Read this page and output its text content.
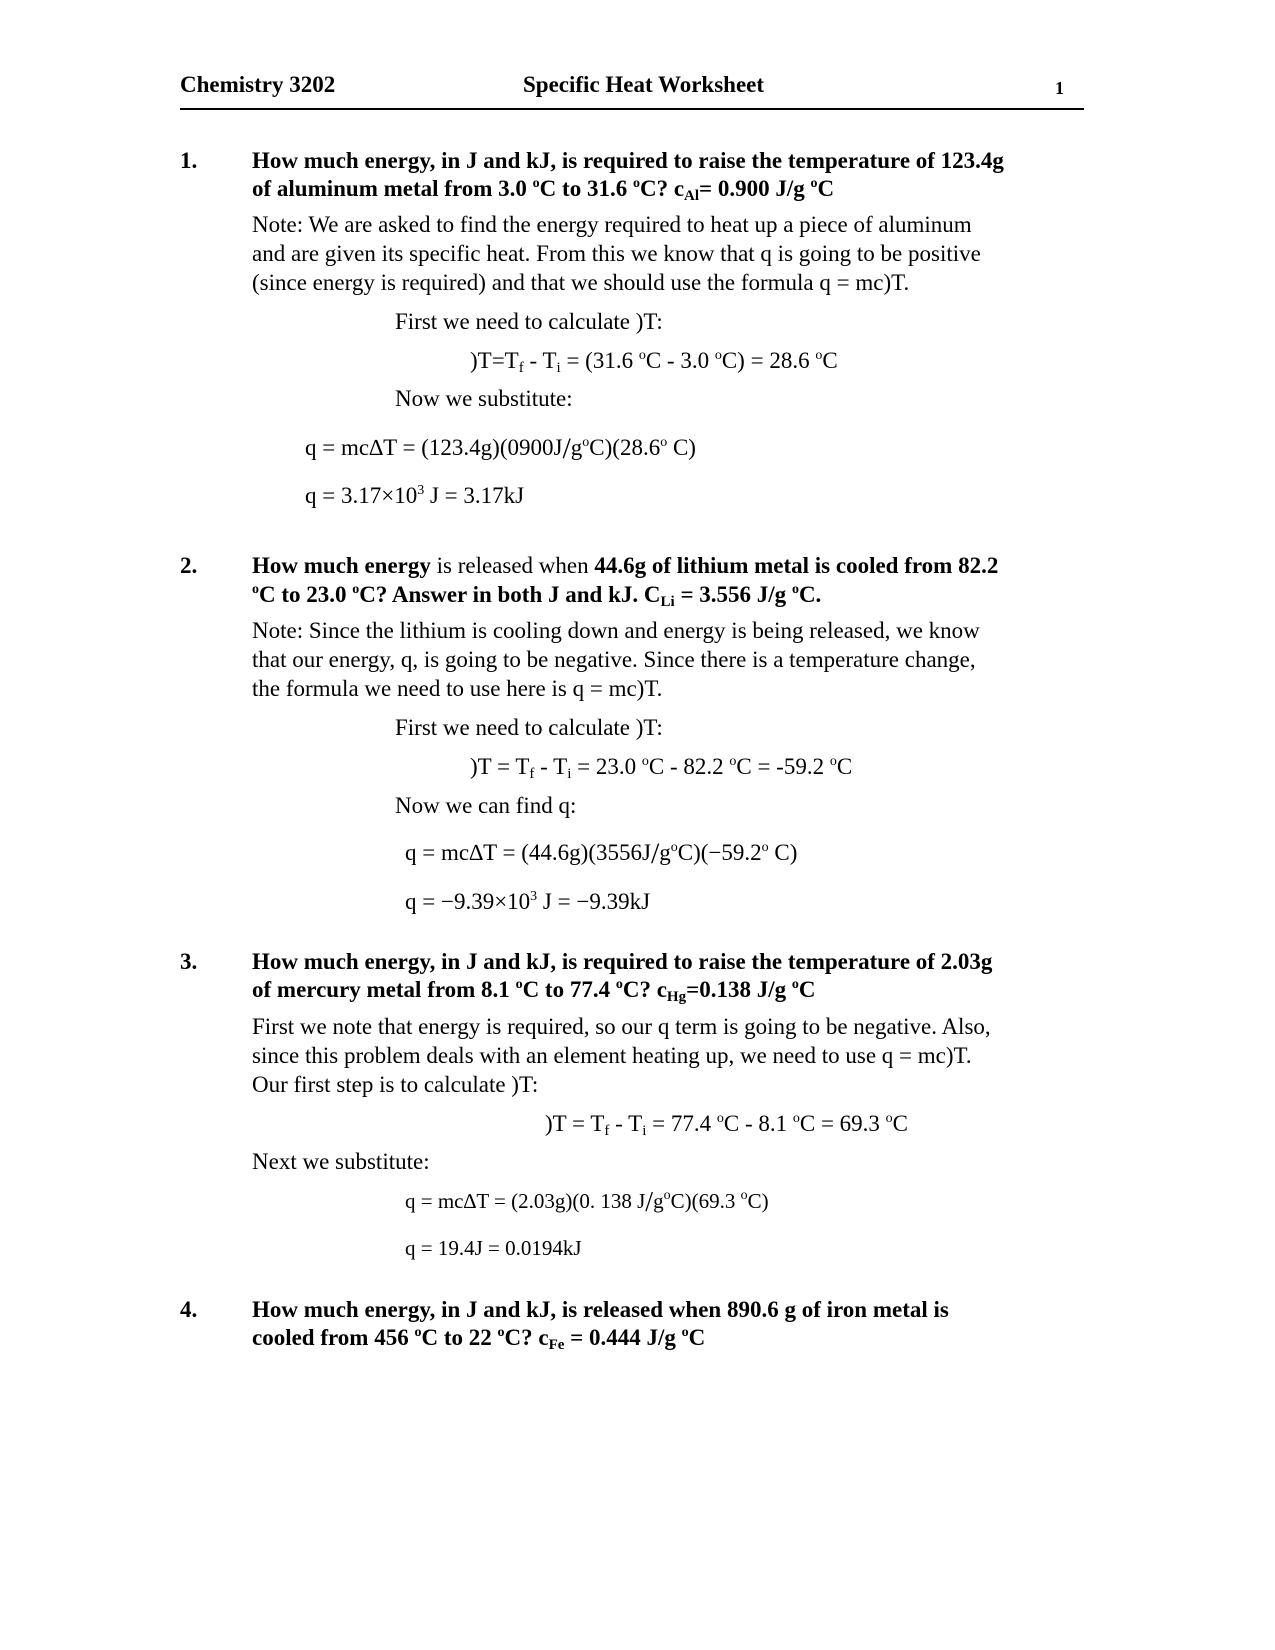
Chemistry 3202	Specific Heat Worksheet	1
1. How much energy, in J and kJ, is required to raise the temperature of 123.4g
of aluminum metal from 3.0 $^o$C to 31.6 $^o$C? $c_{Al}= 0.900$ J/g $^o$C
Note: We are asked to find the energy required to heat up a piece of aluminum
and are given its specific heat. From this we know that q is going to be positive
(since energy is required) and that we should use the formula q = mc)T.
First we need to calculate )T:
)$T=T_f - T_i = (31.6$ $^o$C - 3.0 $^o$C) = 28.6 $^o$C
Now we substitute:
$q = mc\Delta T = (123.4g)(0900J/g^oC)(28.6^o$ C)
$q = 3.17\times 10^3$ J = 3.17kJ
2. How much energy is released when 44.6g of lithium metal is cooled from 82.2
$^o$C to 23.0 $^o$C? Answer in both J and kJ. $C_{Li} = 3.556$ J/g $^o$C.
Note: Since the lithium is cooling down and energy is being released, we know
that our energy, q, is going to be negative. Since there is a temperature change,
the formula we need to use here is q = mc)T.
First we need to calculate )T:
)$T = T_f - T_i = 23.0$ $^o$C - 82.2 $^o$C = -59.2 $^o$C
Now we can find q:
$q = mc\Delta T = (44.6g)(3556J/g^oC)(-59.2^o$ C)
$q = -9.39\times 10^3$ J = −9.39kJ
3. How much energy, in J and kJ, is required to raise the temperature of 2.03g
of mercury metal from 8.1 $^o$C to 77.4 $^o$C? $c_{Hg}=0.138$ J/g $^o$C
First we note that energy is required, so our q term is going to be negative. Also,
since this problem deals with an element heating up, we need to use q = mc)T.
Our first step is to calculate )T:
)$T = T_f - T_i = 77.4$ $^o$C - 8.1 $^o$C = 69.3 $^o$C
Next we substitute:
q = mc∆T = (2.03g)(0. 138 $J/g^oC)(69.3$ $^o$C)
q = 19.4J = 0.0194kJ
4. How much energy, in J and kJ, is released when 890.6 g of iron metal is
cooled from 456 $^o$C to 22 $^o$C? $c_{Fe} = 0.444$ J/g $^o$C
